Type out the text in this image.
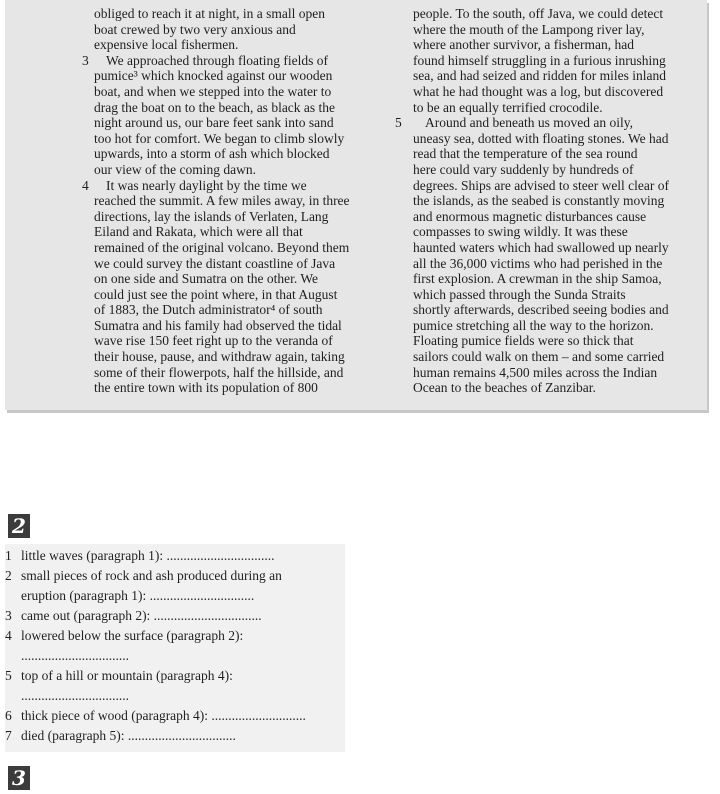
obliged to reach it at night, in a small open
boat crewed by two very anxious and
expensive local fishermen.
3	We approached through floating fields of
pumice³ which knocked against our wooden
boat, and when we stepped into the water to
drag the boat on to the beach, as black as the
night around us, our bare feet sank into sand
too hot for comfort. We began to climb slowly
upwards, into a storm of ash which blocked
our view of the coming dawn.
4	It was nearly daylight by the time we
reached the summit. A few miles away, in three
directions, lay the islands of Verlaten, Lang
Eiland and Rakata, which were all that
remained of the original volcano. Beyond them
we could survey the distant coastline of Java
on one side and Sumatra on the other. We
could just see the point where, in that August
of 1883, the Dutch administrator⁴ of south
Sumatra and his family had observed the tidal
wave rise 150 feet right up to the veranda of
their house, pause, and withdraw again, taking
some of their flowerpots, half the hillside, and
the entire town with its population of 800
people. To the south, off Java, we could detect
where the mouth of the Lampong river lay,
where another survivor, a fisherman, had
found himself struggling in a furious inrushing
sea, and had seized and ridden for miles inland
what he had thought was a log, but discovered
to be an equally terrified crocodile.
5	Around and beneath us moved an oily,
uneasy sea, dotted with floating stones. We had
read that the temperature of the sea round
here could vary suddenly by hundreds of
degrees. Ships are advised to steer well clear of
the islands, as the seabed is constantly moving
and enormous magnetic disturbances cause
compasses to swing wildly. It was these
haunted waters which had swallowed up nearly
all the 36,000 victims who had perished in the
first explosion. A crewman in the ship Samoa,
which passed through the Sunda Straits
shortly afterwards, described seeing bodies and
pumice stretching all the way to the horizon.
Floating pumice fields were so thick that
sailors could walk on them – and some carried
human remains 4,500 miles across the Indian
Ocean to the beaches of Zanzibar.
2
1 little waves (paragraph 1): ................................
2 small pieces of rock and ash produced during an
eruption (paragraph 1): ...............................
3 came out (paragraph 2): ................................
4 lowered below the surface (paragraph 2):
................................
5 top of a hill or mountain (paragraph 4):
................................
6 thick piece of wood (paragraph 4): ............................
7 died (paragraph 5): ................................
3
